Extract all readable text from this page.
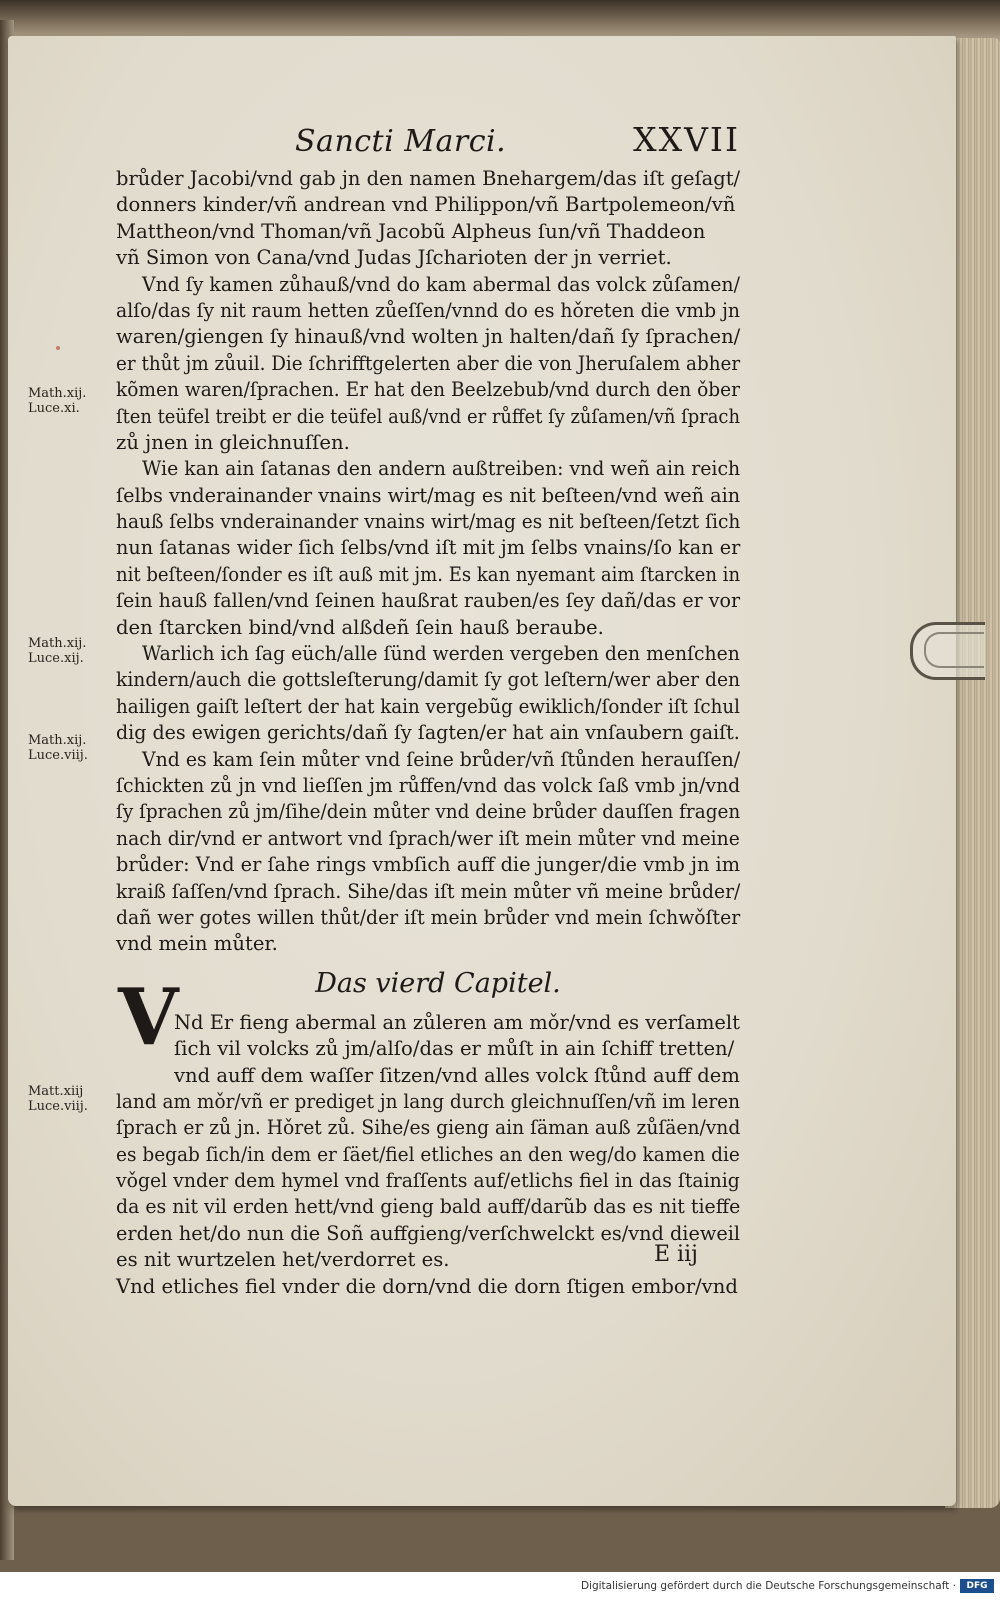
Sancti Marci.	XXVII
brůder Jacobi/vnd gab jn den namen Bnehargem/das iſt geſagt/
donners kinder/vñ andrean vnd Philippon/vñ Bartpolemeon/vñ
Mattheon/vnd Thoman/vñ Jacobũ Alpheus ſun/vñ Thaddeon
vñ Simon von Cana/vnd Judas Jſcharioten der jn verriet.
Vnd ſy kamen zůhauß/vnd do kam abermal das volck zůſamen/
alſo/das ſy nit raum hetten zůeſſen/vnnd do es hǒreten die vmb jn
waren/giengen ſy hinauß/vnd wolten jn halten/dañ ſy ſprachen/
er thůt jm zůuil. Die ſchrifftgelerten aber die von Jheruſalem abher
kõmen waren/ſprachen. Er hat den Beelzebub/vnd durch den ǒber
ſten teüfel treibt er die teüfel auß/vnd er růffet ſy zůſamen/vñ ſprach
zů jnen in gleichnuſſen.
Wie kan ain ſatanas den andern außtreiben: vnd weñ ain reich
ſelbs vnderainander vnains wirt/mag es nit beſteen/vnd weñ ain
hauß ſelbs vnderainander vnains wirt/mag es nit beſteen/ſetzt ſich
nun ſatanas wider ſich ſelbs/vnd iſt mit jm ſelbs vnains/ſo kan er
nit beſteen/ſonder es iſt auß mit jm. Es kan nyemant aim ſtarcken in
ſein hauß fallen/vnd ſeinen haußrat rauben/es ſey dañ/das er vor
den ſtarcken bind/vnd alßdeñ ſein hauß beraube.
Warlich ich ſag eüch/alle ſünd werden vergeben den menſchen
kindern/auch die gottslеſterung/damit ſy got leſtern/wer aber den
hailigen gaiſt leſtert der hat kain vergebũg ewiklich/ſonder iſt ſchul
dig des ewigen gerichts/dañ ſy ſagten/er hat ain vnſaubern gaiſt.
Vnd es kam ſein můter vnd ſeine brůder/vñ ſtůnden herauſſen/
ſchickten zů jn vnd lieſſen jm růffen/vnd das volck ſaß vmb jn/vnd
ſy ſprachen zů jm/ſihe/dein můter vnd deine brůder dauſſen fragen
nach dir/vnd er antwort vnd ſprach/wer iſt mein můter vnd meine
brůder: Vnd er ſahe rings vmbſich auff die junger/die vmb jn im
kraiß ſaſſen/vnd ſprach. Sihe/das iſt mein můter vñ meine brůder/
dañ wer gotes willen thůt/der iſt mein brůder vnd mein ſchwǒſter
vnd mein můter.
Das vierd Capitel.
Nd Er fieng abermal an zůleren am mǒr/vnd es verſamelt
ſich vil volcks zů jm/alſo/das er můſt in ain ſchiff tretten/
vnd auff dem waſſer ſitzen/vnd alles volck ſtůnd auff dem
land am mǒr/vñ er prediget jn lang durch gleichnuſſen/vñ im leren
ſprach er zů jn. Hǒret zů. Sihe/es gieng ain ſäman auß zůſäen/vnd
es begab ſich/in dem er ſäet/fiel etliches an den weg/do kamen die
vǒgel vnder dem hymel vnd fraſſents auf/etlichs fiel in das ſtainig
da es nit vil erden hett/vnd gieng bald auff/darũb das es nit tieffe
erden het/do nun die Soñ auffgieng/verſchwelckt es/vnd dieweil
es nit wurtzelen het/verdorret es.
Vnd etliches fiel vnder die dorn/vnd die dorn ſtigen embor/vnd
V
E iij
Math.xij.
Luce.xi.
Math.xij.
Luce.xij.
Math.xij.
Luce.viij.
Matt.xiij
Luce.viij.
Digitalisierung gefördert durch die Deutsche Forschungsgemeinschaft ·	DFG
